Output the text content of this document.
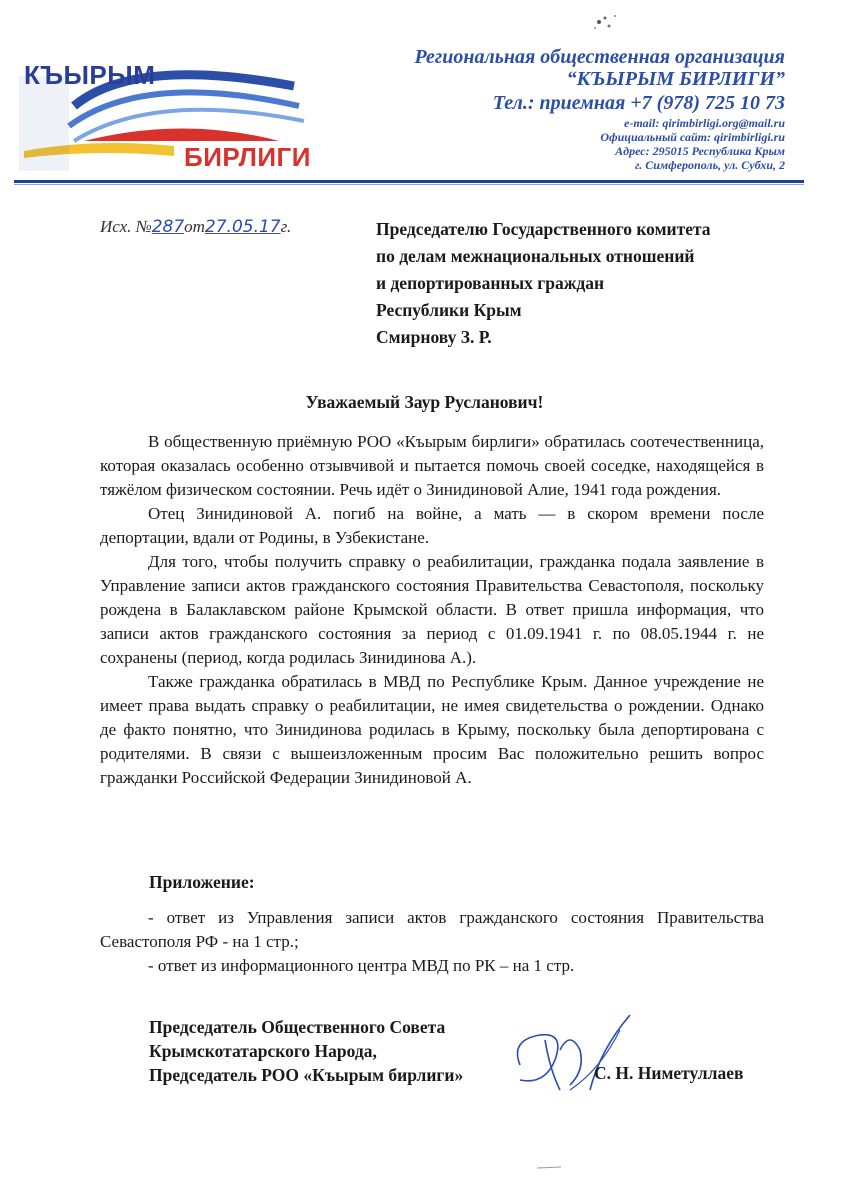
КЪЫРЫМ
БИРЛИГИ
Региональная общественная организация
“КЪЫРЫМ БИРЛИГИ”
Тел.: приемная +7 (978) 725 10 73
e-mail: qirimbirligi.org@mail.ru
Официальный сайт: qirimbirligi.ru
Адрес: 295015 Республика Крым
г. Симферополь, ул. Субхи, 2
Исх. №287от27.05.17г.	Председателю Государственного комитета
по делам межнациональных отношений
и депортированных граждан
Республики Крым
Смирнову З. Р.
Уважаемый Заур Русланович!

В общественную приёмную РОО «Къырым бирлиги» обратилась соотечественница, которая оказалась особенно отзывчивой и пытается помочь своей соседке, находящейся в тяжёлом физическом состоянии. Речь идёт о Зинидиновой Алие, 1941 года рождения.

Отец Зинидиновой А. погиб на войне, а мать — в скором времени после депортации, вдали от Родины, в Узбекистане.

Для того, чтобы получить справку о реабилитации, гражданка подала заявление в Управление записи актов гражданского состояния Правительства Севастополя, поскольку рождена в Балаклавском районе Крымской области. В ответ пришла информация, что записи актов гражданского состояния за период с 01.09.1941 г. по 08.05.1944 г. не сохранены (период, когда родилась Зинидинова А.).

Также гражданка обратилась в МВД по Республике Крым. Данное учреждение не имеет права выдать справку о реабилитации, не имея свидетельства о рождении. Однако де факто понятно, что Зинидинова родилась в Крыму, поскольку была депортирована с родителями. В связи с вышеизложенным просим Вас положительно решить вопрос гражданки Российской Федерации Зинидиновой А.

Приложение:

- ответ из Управления записи актов гражданского состояния Правительства Севастополя РФ - на 1 стр.;

- ответ из информационного центра МВД по РК – на 1 стр.

Председатель Общественного Совета
Крымскотатарского Народа,
Председатель РОО «Къырым бирлиги»	С. Н. Ниметуллаев
